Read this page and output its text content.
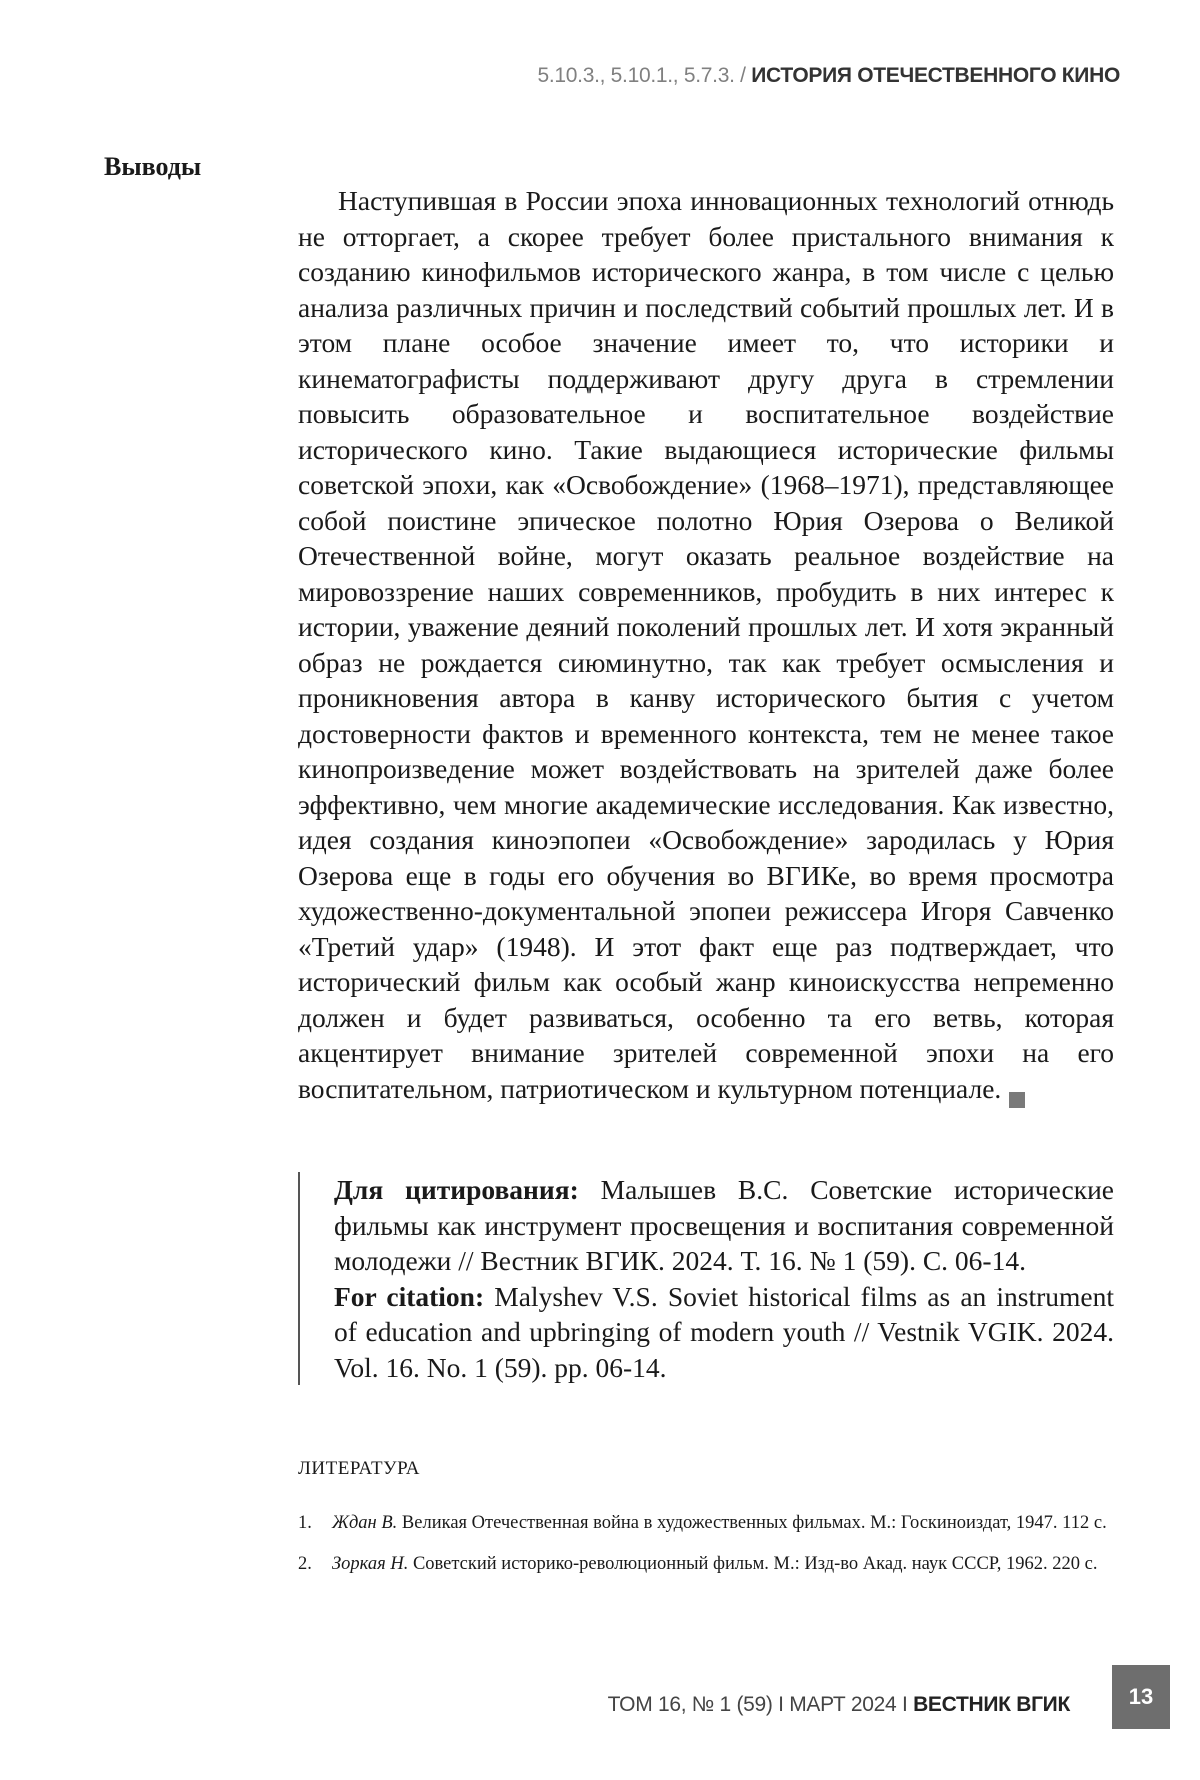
5.10.3., 5.10.1., 5.7.3. / ИСТОРИЯ ОТЕЧЕСТВЕННОГО КИНО
Выводы

Наступившая в России эпоха инновационных технологий отнюдь не отторгает, а скорее требует более пристального вни­мания к созданию кинофильмов исторического жанра, в том числе с целью анализа различных причин и последствий со­бытий прошлых лет. И в этом плане особое значение имеет то, что историки и кинематографисты поддерживают другу друга в стремлении повысить образовательное и воспитательное воз­действие исторического кино. Такие выдающиеся исторические фильмы советской эпохи, как «Освобождение» (1968–1971), представляющее собой поистине эпическое полотно Юрия Озе­рова о Великой Отечественной войне, могут оказать реальное воздействие на мировоззрение наших современников, пробу­дить в них интерес к истории, уважение деяний поколений про­шлых лет. И хотя экранный образ не рождается сиюминутно, так как требует осмысления и проникновения автора в канву исторического бытия с учетом достоверности фактов и времен­ного контекста, тем не менее такое кинопроизведение может воздействовать на зрителей даже более эффективно, чем мно­гие академические исследования. Как известно, идея создания киноэпопеи «Освобождение» зародилась у Юрия Озерова еще в годы его обучения во ВГИКе, во время просмотра художе­ственно-документальной эпопеи режиссера Игоря Савченко «Третий удар» (1948). И этот факт еще раз подтверждает, что исторический фильм как особый жанр киноискусства непре­менно должен и будет развиваться, особенно та его ветвь, кото­рая акцентирует внимание зрителей современной эпохи на его воспитательном, патриотическом и культурном потенциале.

Для цитирования: Малышев В.С. Советские исторические фильмы как инструмент просвещения и воспитания со­временной молодежи // Вестник ВГИК. 2024. Т. 16. № 1 (59). С. 06-14.

For citation: Malyshev V.S. Soviet historical films as an instrument of education and upbringing of modern youth // Vestnik VGIK. 2024. Vol. 16. No. 1 (59). pp. 06-14.

ЛИТЕРАТУРА
1. Ждан В. Великая Отечественная война в художественных фильмах. М.: Госкиноиздат, 1947. 112 с.
2. Зоркая Н. Советский историко-революционный фильм. М.: Изд-во Акад. наук СССР, 1962. 220 с.
ТОМ 16, № 1 (59) I МАРТ 2024 I ВЕСТНИК ВГИК	13
